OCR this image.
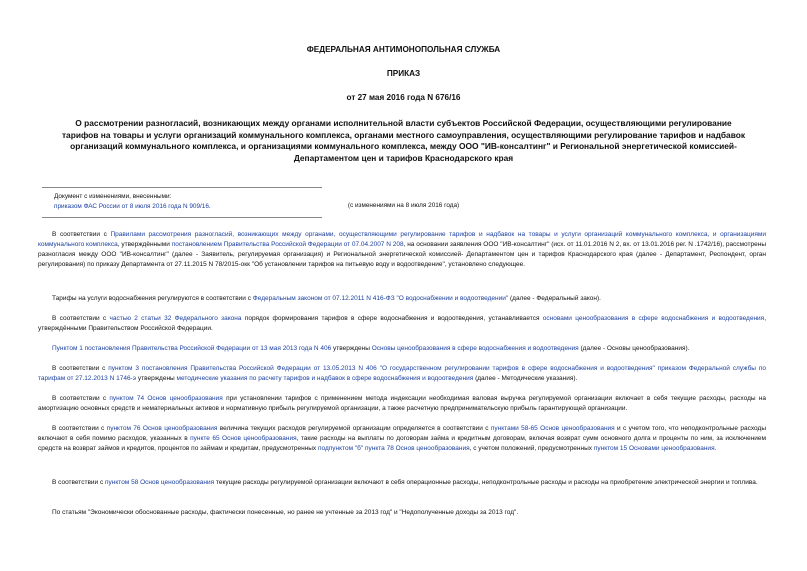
ФЕДЕРАЛЬНАЯ АНТИМОНОПОЛЬНАЯ СЛУЖБА
ПРИКАЗ
от 27 мая 2016 года N 676/16
О рассмотрении разногласий, возникающих между органами исполнительной власти субъектов Российской Федерации, осуществляющими регулирование
тарифов на товары и услуги организаций коммунального комплекса, органами местного самоуправления, осуществляющими регулирование тарифов и надбавок
организаций коммунального комплекса, и организациями коммунального комплекса, между ООО "ИВ-консалтинг" и Региональной энергетической комиссией-
Департаментом цен и тарифов Краснодарского края
(с изменениями на 8 июля 2016 года)
Документ с изменениями, внесенными:
приказом ФАС России от 8 июля 2016 года N 909/16.
В соответствии с Правилами рассмотрения разногласий, возникающих между органами, осуществляющими регулирование тарифов и надбавок на товары и услуги организаций коммунального комплекса, и организациями коммунального комплекса, утверждёнными постановлением Правительства Российской Федерации от 07.04.2007 N 208, на основании заявления ООО "ИВ-консалтинг" (исх. от 11.01.2016 N 2, вх. от 13.01.2016 рег. N .1742/16), рассмотрены разногласия между ООО "ИВ-консалтинг" (далее - Заявитель, регулируемая организация) и Региональной энергетической комиссией- Департаментом цен и тарифов Краснодарского края (далее - Департамент, Респондент, орган регулирования) по приказу Департамента от 27.11.2015 N 78/2015-окк "Об установлении тарифов на питьевую воду и водоотведение", установлено следующее.
Тарифы на услуги водоснабжения регулируются в соответствии с Федеральным законом от 07.12.2011 N 416-ФЗ "О водоснабжении и водоотведении" (далее - Федеральный закон).
В соответствии с частью 2 статьи 32 Федерального закона порядок формирования тарифов в сфере водоснабжения и водоотведения, устанавливается основами ценообразования в сфере водоснабжения и водоотведения, утверждёнными Правительством Российской Федерации.
Пунктом 1 постановления Правительства Российской Федерации от 13 мая 2013 года N 406 утверждены Основы ценообразования в сфере водоснабжения и водоотведения (далее - Основы ценообразования).
В соответствии с пунктом 3 постановления Правительства Российской Федерации от 13.05.2013 N 406 "О государственном регулировании тарифов в сфере водоснабжения и водоотведения" приказом Федеральной службы по тарифам от 27.12.2013 N 1746-э утверждены методические указания по расчету тарифов и надбавок в сфере водоснабжения и водоотведения (далее - Методические указания).
В соответствии с пунктом 74 Основ ценообразования при установлении тарифов с применением метода индексации необходимая валовая выручка регулируемой организации включает в себя текущие расходы, расходы на амортизацию основных средств и нематериальных активов и нормативную прибыль регулируемой организации, а также расчетную предпринимательскую прибыль гарантирующей организации.
В соответствии с пунктом 76 Основ ценообразования величина текущих расходов регулируемой организации определяется в соответствии с пунктами 58-65 Основ ценообразования и с учетом того, что неподконтрольные расходы включают в себя помимо расходов, указанных в пункте 65 Основ ценообразования, такие расходы на выплаты по договорам займа и кредитным договорам, включая возврат сумм основного долга и проценты по ним, за исключением средств на возврат займов и кредитов, процентов по займам и кредитам, предусмотренных подпунктом "б" пункта 78 Основ ценообразования, с учетом положений, предусмотренных пунктом 15 Основами ценообразования.
В соответствии с пунктом 58 Основ ценообразования текущие расходы регулируемой организации включают в себя операционные расходы, неподконтрольные расходы и расходы на приобретение электрической энергии и топлива.
По статьям "Экономически обоснованные расходы, фактически понесенные, но ранее не учтенные за 2013 год" и "Недополученные доходы за 2013 год".
